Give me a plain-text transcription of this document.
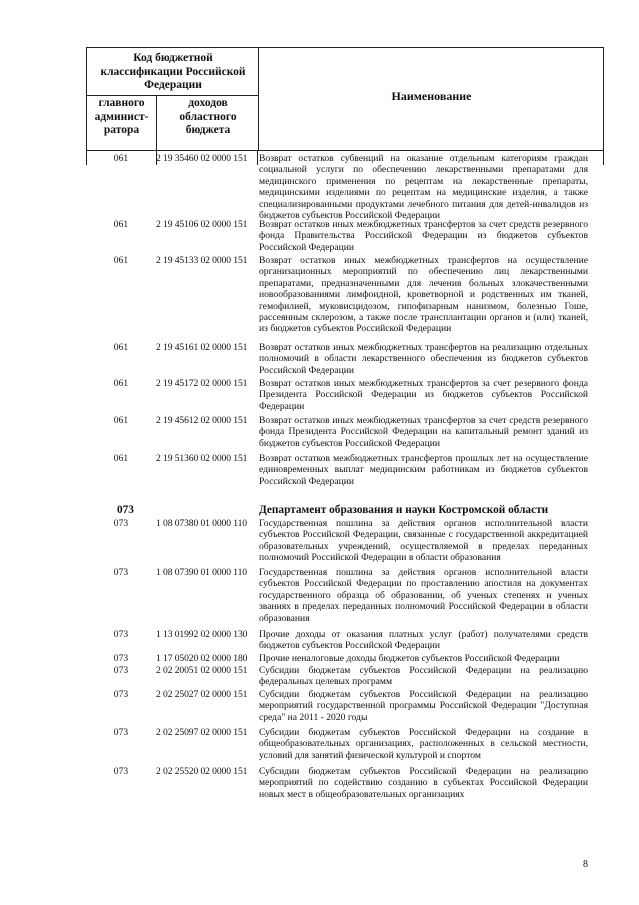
Код бюджетной классификации Российской Федерации
главного админист-ратора
доходов областного бюджета
Наименование
061	2 19 35460 02 0000 151	Возврат остатков субвенций на оказание отдельным категориям граждан социальной услуги по обеспечению лекарственными препаратами для медицинского применения по рецептам на лекарственные препараты, медицинскими изделиями по рецептам на медицинские изделия, а также специализированными продуктами лечебного питания для детей-инвалидов из бюджетов субъектов Российской Федерации
061	2 19 45106 02 0000 151	Возврат остатков иных межбюджетных трансфертов за счет средств резервного фонда Правительства Российской Федерации из бюджетов субъектов Российской Федерации
061	2 19 45133 02 0000 151	Возврат остатков иных межбюджетных трансфертов на осуществление организационных мероприятий по обеспечению лиц лекарственными препаратами, предназначенными для лечения больных злокачественными новообразованиями лимфоидной, кроветворной и родственных им тканей, гемофилией, муковисцидозом, гипофизарным нанизмом, болезнью Гоше, рассеянным склерозом, а также после трансплантации органов и (или) тканей, из бюджетов субъектов Российской Федерации
061	2 19 45161 02 0000 151	Возврат остатков иных межбюджетных трансфертов на реализацию отдельных полномочий в области лекарственного обеспечения из бюджетов субъектов Российской Федерации
061	2 19 45172 02 0000 151	Возврат остатков иных межбюджетных трансфертов за счет резервного фонда Президента Российской Федерации из бюджетов субъектов Российской Федерации
061	2 19 45612 02 0000 151	Возврат остатков иных межбюджетных трансфертов за счет средств резервного фонда Президента Российской Федерации на капитальный ремонт зданий из бюджетов субъектов Российской Федерации
061	2 19 51360 02 0000 151	Возврат остатков межбюджетных трансфертов прошлых лет на осуществление единовременных выплат медицинским работникам из бюджетов субъектов Российской Федерации
073	Департамент образования и науки Костромской области
073	1 08 07380 01 0000 110	Государственная пошлина за действия органов исполнительной власти субъектов Российской Федерации, связанные с государственной аккредитацией образовательных учреждений, осуществляемой в пределах переданных полномочий Российской Федерации в области образования
073	1 08 07390 01 0000 110	Государственная пошлина за действия органов исполнительной власти субъектов Российской Федерации по проставлению апостиля на документах государственного образца об образовании, об ученых степенях и ученых званиях в пределах переданных полномочий Российской Федерации в области образования
073	1 13 01992 02 0000 130	Прочие доходы от оказания платных услуг (работ) получателями средств бюджетов субъектов Российской Федерации
073	1 17 05020 02 0000 180	Прочие неналоговые доходы бюджетов субъектов Российской Федерации
073	2 02 20051 02 0000 151	Субсидии бюджетам субъектов Российской Федерации на реализацию федеральных целевых программ
073	2 02 25027 02 0000 151	Субсидии бюджетам субъектов Российской Федерации на реализацию мероприятий государственной программы Российской Федерации "Доступная среда" на 2011 - 2020 годы
073	2 02 25097 02 0000 151	Субсидии бюджетам субъектов Российской Федерации на создание в общеобразовательных организациях, расположенных в сельской местности, условий для занятий физической культурой и спортом
073	2 02 25520 02 0000 151	Субсидии бюджетам субъектов Российской Федерации на реализацию мероприятий по содействию созданию в субъектах Российской Федерации новых мест в общеобразовательных организациях
8
